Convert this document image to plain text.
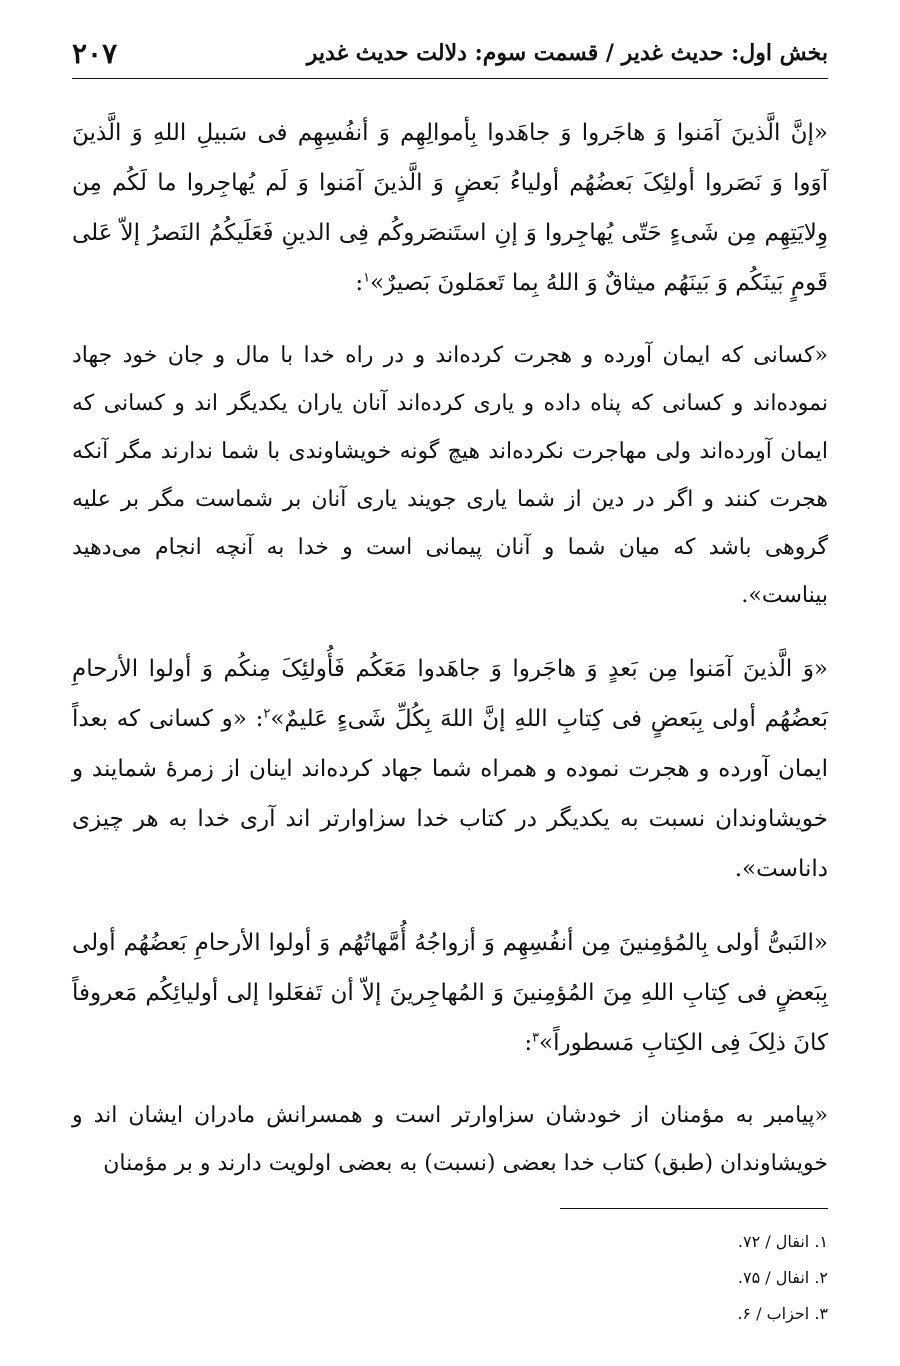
بخش اول: حدیث غدیر / قسمت سوم: دلالت حدیث غدیر
۲۰۷

«إنَّ الَّذینَ آمَنوا وَ هاجَروا وَ جاهَدوا بِأموالِهِم وَ أنفُسِهِم فی سَبیلِ اللهِ وَ الَّذینَ آوَوا وَ نَصَروا أولئِکَ بَعضُهُم أولیاءُ بَعضٍ وَ الَّذینَ آمَنوا وَ لَم یُهاجِروا ما لَکُم مِن وِلایَتِهِم مِن شَیءٍ حَتّی یُهاجِروا وَ إنِ استَنصَروکُم فِی الدینِ فَعَلَیکُمُ النَصرُ إلاّ عَلی قَومٍ بَینَکُم وَ بَینَهُم میثاقٌ وَ اللهُ بِما تَعمَلونَ بَصیرٌ»$^۱$:

«کسانی که ایمان آورده و هجرت کرده‌اند و در راه خدا با مال و جان خود جهاد نموده‌اند و کسانی که پناه داده و یاری کرده‌اند آنان یاران یکدیگر اند و کسانی که ایمان آورده‌اند ولی مهاجرت نکرده‌اند هیچ گونه خویشاوندی با شما ندارند مگر آنکه هجرت کنند و اگر در دین از شما یاری جویند یاری آنان بر شماست مگر بر علیه گروهی باشد که میان شما و آنان پیمانی است و خدا به آنچه انجام می‌دهید بیناست».

«وَ الَّذینَ آمَنوا مِن بَعدٍ وَ هاجَروا وَ جاهَدوا مَعَکُم فَأُولئِکَ مِنکُم وَ أولوا الأرحامِ بَعضُهُم أولی بِبَعضٍ فی کِتابِ اللهِ إنَّ اللهَ بِکُلِّ شَیءٍ عَلیمٌ»$^۲$: «و کسانی که بعداً ایمان آورده و هجرت نموده و همراه شما جهاد کرده‌اند اینان از زمرهٔ شمایند و خویشاوندان نسبت به یکدیگر در کتاب خدا سزاوارتر اند آری خدا به هر چیزی داناست».

«النَبیُّ أولی بِالمُؤمِنینَ مِن أنفُسِهِم وَ أزواجُهُ أُمَّهاتُهُم وَ أولوا الأرحامِ بَعضُهُم أولی بِبَعضٍ فی کِتابِ اللهِ مِنَ المُؤمِنینَ وَ المُهاجِرینَ إلاّ أن تَفعَلوا إلی أولیائِکُم مَعروفاً کانَ ذلِکَ فِی الکِتابِ مَسطوراً»$^۳$:

«پیامبر به مؤمنان از خودشان سزاوارتر است و همسرانش مادران ایشان اند و خویشاوندان (طبق) کتاب خدا بعضی (نسبت) به بعضی اولویت دارند و بر مؤمنان

۱. انفال / ۷۲.

۲. انفال / ۷۵.

۳. احزاب / ۶.
